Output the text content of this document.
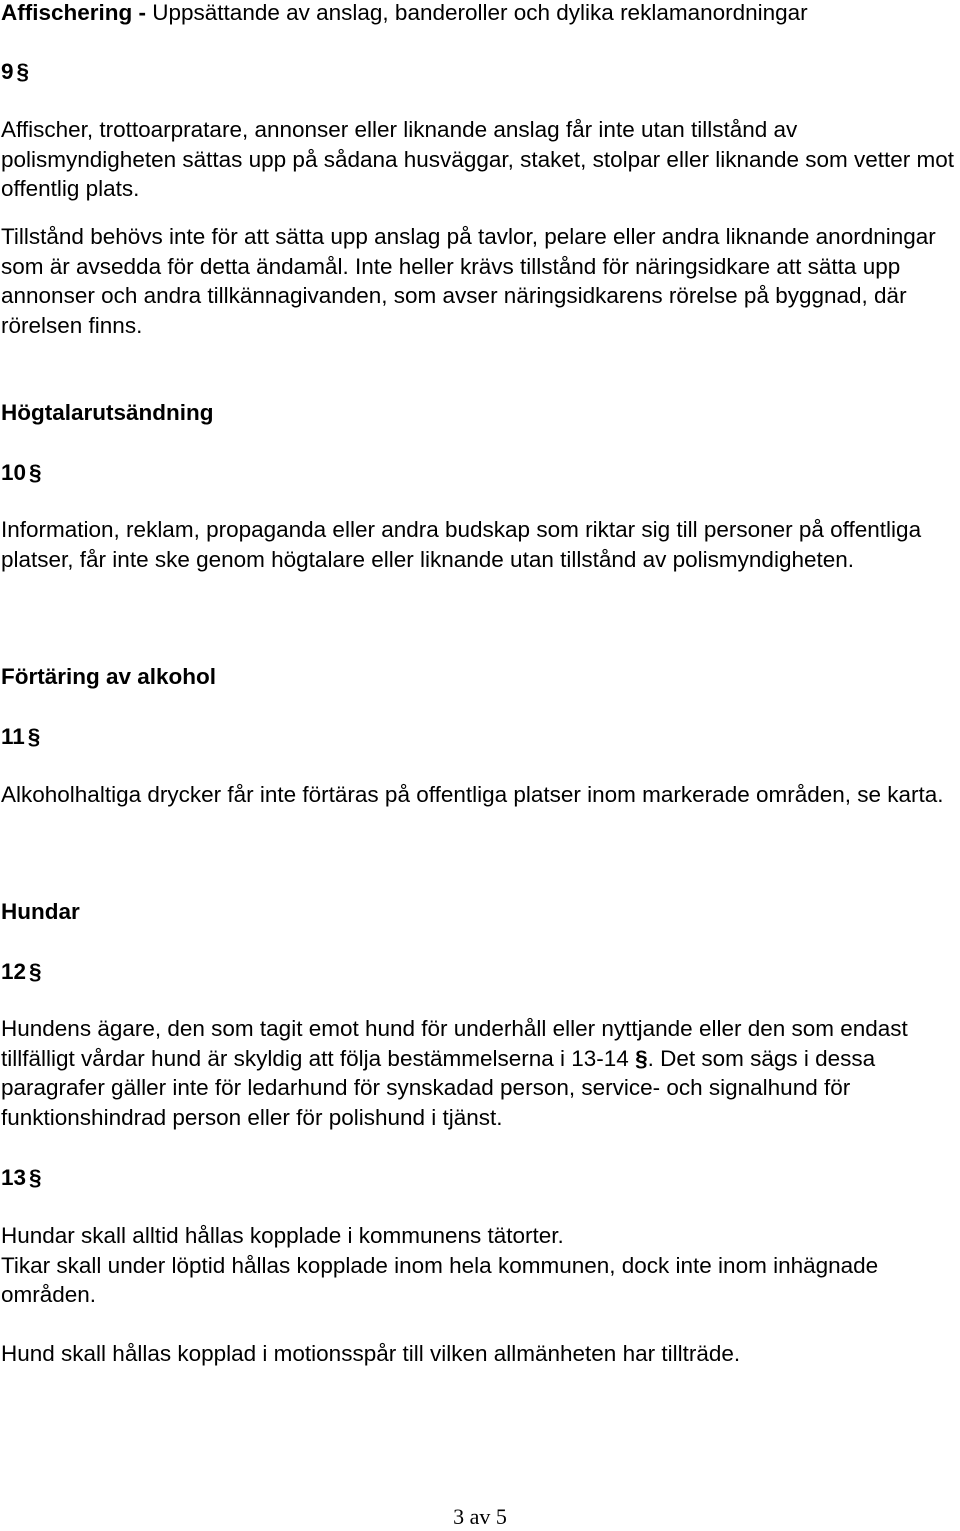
Affischering - Uppsättande av anslag, banderoller och dylika reklamanordningar
9 §

Affischer, trottoarpratare, annonser eller liknande anslag får inte utan tillstånd av polismyndigheten sättas upp på sådana husväggar, staket, stolpar eller liknande som vetter mot offentlig plats.

Tillstånd behövs inte för att sätta upp anslag på tavlor, pelare eller andra liknande anordningar som är avsedda för detta ändamål. Inte heller krävs tillstånd för näringsidkare att sätta upp annonser och andra tillkännagivanden, som avser näringsidkarens rörelse på byggnad, där rörelsen finns.

Högtalarutsändning
10 §

Information, reklam, propaganda eller andra budskap som riktar sig till personer på offentliga platser, får inte ske genom högtalare eller liknande utan tillstånd av polismyndigheten.

Förtäring av alkohol
11 §

Alkoholhaltiga drycker får inte förtäras på offentliga platser inom markerade områden, se karta.

Hundar
12 §

Hundens ägare, den som tagit emot hund för underhåll eller nyttjande eller den som endast tillfälligt vårdar hund är skyldig att följa bestämmelserna i 13-14 §. Det som sägs i dessa paragrafer gäller inte för ledarhund för synskadad person, service- och signalhund för funktionshindrad person eller för polishund i tjänst.

13 §

Hundar skall alltid hållas kopplade i kommunens tätorter.

Tikar skall under löptid hållas kopplade inom hela kommunen, dock inte inom inhägnade områden.

Hund skall hållas kopplad i motionsspår till vilken allmänheten har tillträde.

3 av 5
